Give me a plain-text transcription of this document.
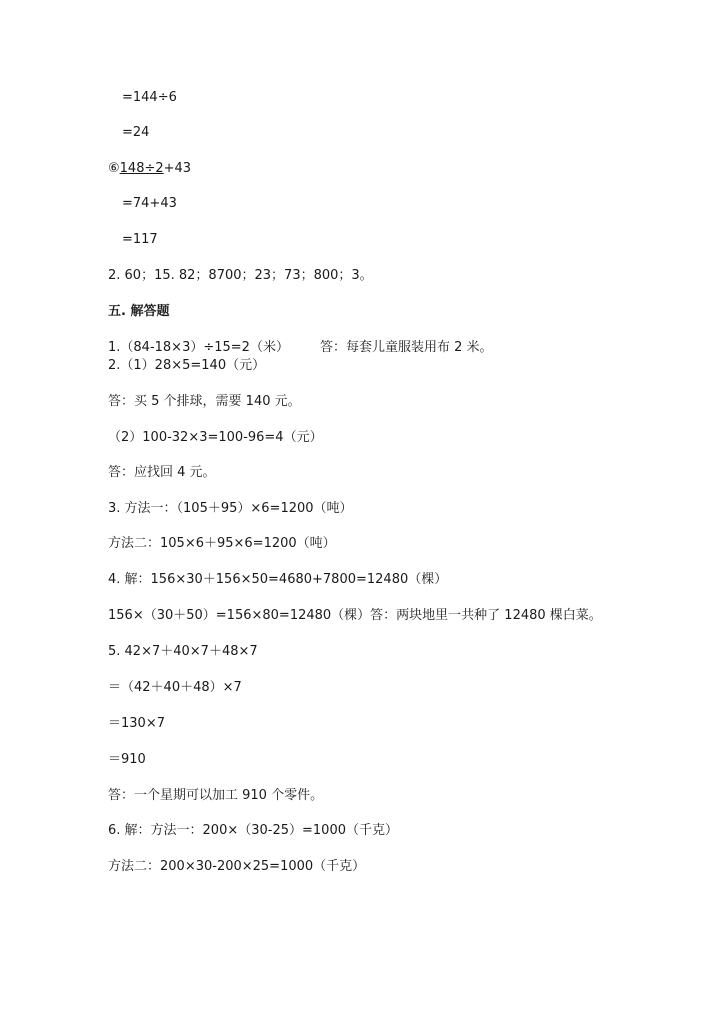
=144÷6
=24
⑥148÷2+43
=74+43
=117
2. 60；15. 82；8700；23；73；800；3。
五. 解答题
1.（84-18×3）÷15=2（米） 答：每套儿童服装用布 2 米。
2.（1）28×5=140（元）
答：买 5 个排球，需要 140 元。
（2）100-32×3=100-96=4（元）
答：应找回 4 元。
3. 方法一：（105＋95）×6=1200（吨）
方法二：105×6＋95×6=1200（吨）
4. 解：156×30＋156×50=4680+7800=12480（棵）
156×（30＋50）=156×80=12480（棵）答：两块地里一共种了 12480 棵白菜。
5. 42×7＋40×7＋48×7
＝（42＋40＋48）×7
＝130×7
＝910
答：一个星期可以加工 910 个零件。
6. 解：方法一：200×（30-25）=1000（千克）
方法二：200×30-200×25=1000（千克）
